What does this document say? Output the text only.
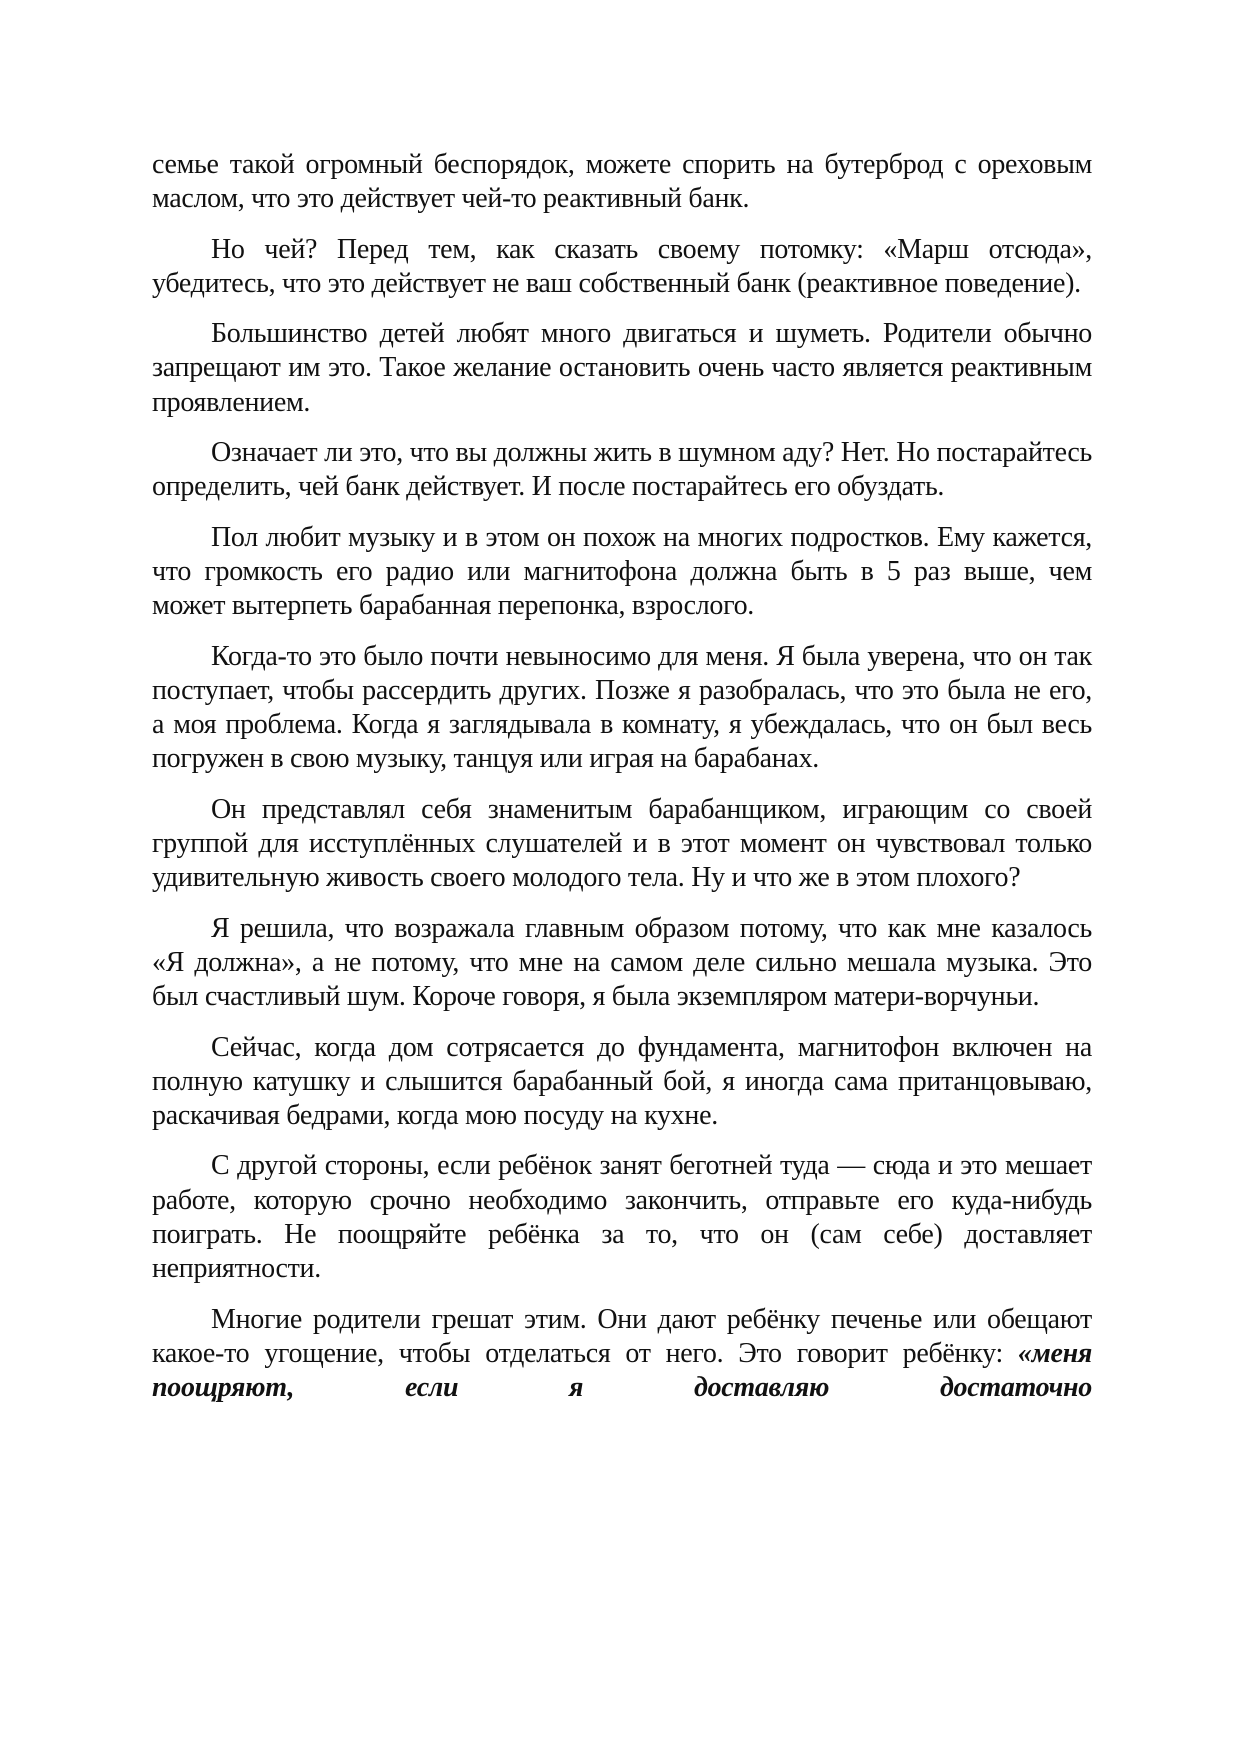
семье такой огромный беспорядок, можете спорить на бутерброд с ореховым маслом, что это действует чей-то реактивный банк.

Но чей? Перед тем, как сказать своему потомку: «Марш отсюда», убедитесь, что это действует не ваш собственный банк (реактивное поведение).

Большинство детей любят много двигаться и шуметь. Родители обычно запрещают им это. Такое желание остановить очень часто является реактивным проявлением.

Означает ли это, что вы должны жить в шумном аду? Нет. Но постарайтесь определить, чей банк действует. И после постарайтесь его обуздать.

Пол любит музыку и в этом он похож на многих подростков. Ему кажется, что громкость его радио или магнитофона должна быть в 5 раз выше, чем может вытерпеть барабанная перепонка, взрослого.

Когда-то это было почти невыносимо для меня. Я была уверена, что он так поступает, чтобы рассердить других. Позже я разобралась, что это была не его, а моя проблема. Когда я заглядывала в комнату, я убеждалась, что он был весь погружен в свою музыку, танцуя или играя на барабанах.

Он представлял себя знаменитым барабанщиком, играющим со своей группой для исступлённых слушателей и в этот момент он чувствовал только удивительную живость своего молодого тела. Ну и что же в этом плохого?

Я решила, что возражала главным образом потому, что как мне казалось «Я должна», а не потому, что мне на самом деле сильно мешала музыка. Это был счастливый шум. Короче говоря, я была экземпляром матери-ворчуньи.

Сейчас, когда дом сотрясается до фундамента, магнитофон включен на полную катушку и слышится барабанный бой, я иногда сама пританцовываю, раскачивая бедрами, когда мою посуду на кухне.

С другой стороны, если ребёнок занят беготней туда — сюда и это мешает работе, которую срочно необходимо закончить, отправьте его куда-нибудь поиграть. Не поощряйте ребёнка за то, что он (сам себе) доставляет неприятности.

Многие родители грешат этим. Они дают ребёнку печенье или обещают какое-то угощение, чтобы отделаться от него. Это говорит ребёнку: «меня поощряют, если я доставляю достаточно
